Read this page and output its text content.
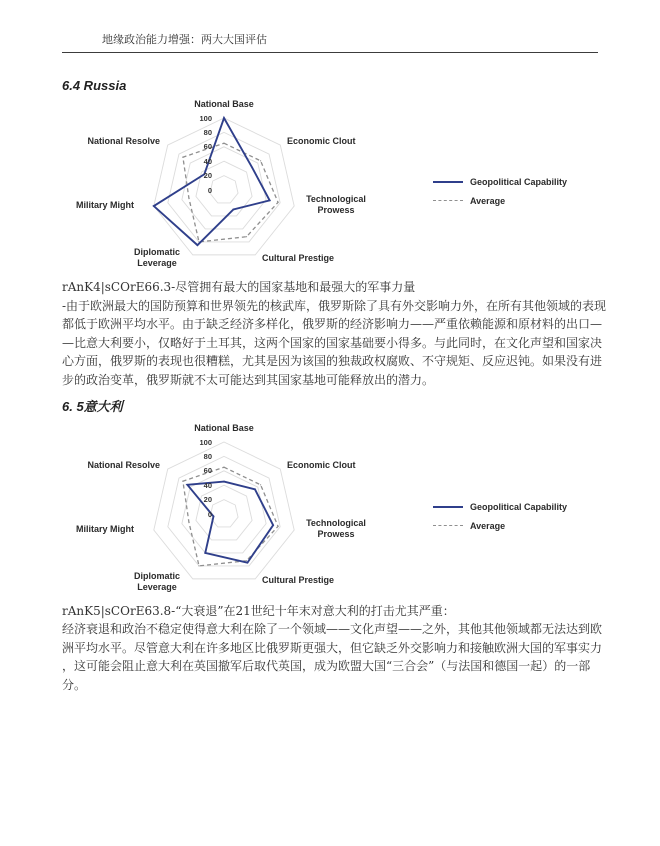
地缘政治能力增强：两大大国评估
6.4 Russia
National Base
Economic Clout
Technological
Prowess
Cultural Prestige
Diplomatic
Leverage
Military Might
National Resolve
Geopolitical Capability
Average
0
20
40
60
80
100
rAnK4|sCOrE66.3-尽管拥有最大的国家基地和最强大的军事力量
-由于欧洲最大的国防预算和世界领先的核武库，俄罗斯除了具有外交影响力外，在所有其他领域的表现
都低于欧洲平均水平。由于缺乏经济多样化，俄罗斯的经济影响力——严重依赖能源和原材料的出口—
—比意大利要小，仅略好于土耳其，这两个国家的国家基础要小得多。与此同时，在文化声望和国家决
心方面，俄罗斯的表现也很糟糕，尤其是因为该国的独裁政权腐败、不守规矩、反应迟钝。如果没有进
步的政治变革，俄罗斯就不太可能达到其国家基地可能释放出的潜力。
6. 5意大利
National Base
Economic Clout
Technological
Prowess
Cultural Prestige
Diplomatic
Leverage
Military Might
National Resolve
Geopolitical Capability
Average
0
20
40
60
80
100
rAnK5|sCOrE63.8-“大衰退”在21世纪十年末对意大利的打击尤其严重：
经济衰退和政治不稳定使得意大利在除了一个领域——文化声望——之外，其他其他领域都无法达到欧
洲平均水平。尽管意大利在许多地区比俄罗斯更强大，但它缺乏外交影响力和接触欧洲大国的军事实力
，这可能会阻止意大利在英国撤军后取代英国，成为欧盟大国“三合会”（与法国和德国一起）的一部
分。
